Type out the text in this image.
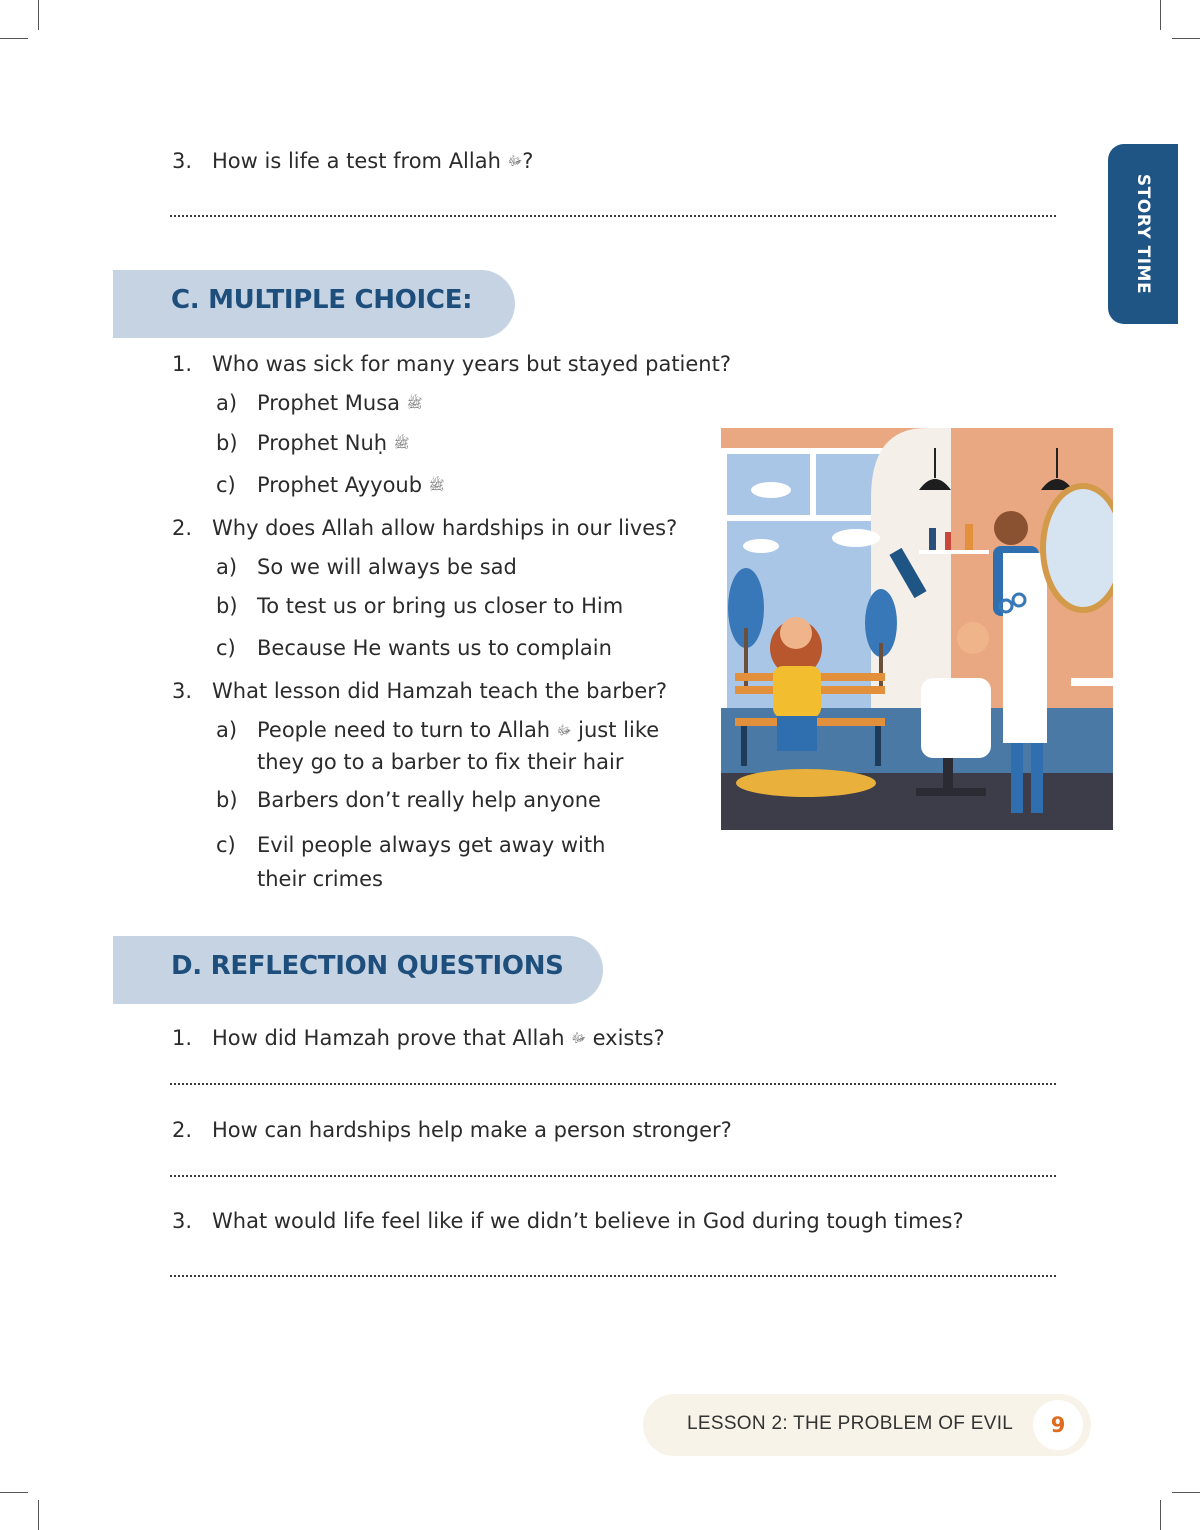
3. How is life a test from Allah ﷻ?
STORY TIME
C. MULTIPLE CHOICE:
1. Who was sick for many years but stayed patient?
a) Prophet Musa ﷺ
b) Prophet Nuḥ ﷺ
c) Prophet Ayyoub ﷺ
2. Why does Allah allow hardships in our lives?
a) So we will always be sad
b) To test us or bring us closer to Him
c) Because He wants us to complain
3. What lesson did Hamzah teach the barber?
a) People need to turn to Allah ﷻ just like they go to a barber to fix their hair
b) Barbers don’t really help anyone
c) Evil people always get away with their crimes
D. REFLECTION QUESTIONS
1. How did Hamzah prove that Allah ﷻ exists?
2. How can hardships help make a person stronger?
3. What would life feel like if we didn’t believe in God during tough times?
LESSON 2: THE PROBLEM OF EVIL	9
